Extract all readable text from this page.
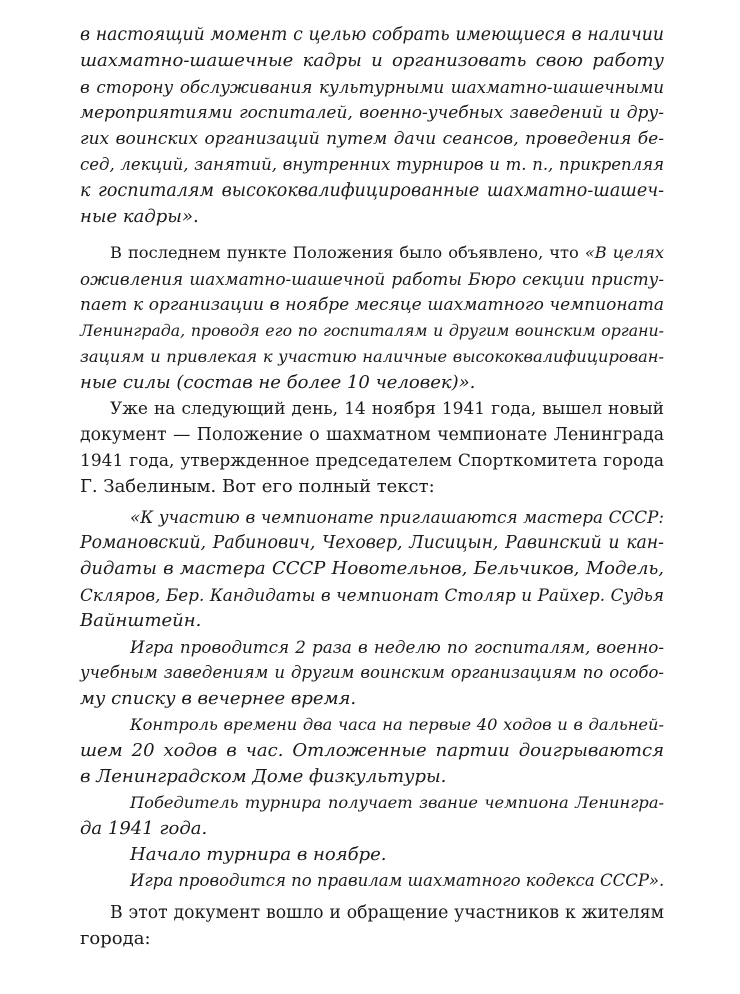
в настоящий момент с целью собрать имеющиеся в наличии
шахматно-шашечные кадры и организовать свою работу
в сторону обслуживания культурными шахматно-шашечными
мероприятиями госпиталей, военно-учебных заведений и дру-
гих воинских организаций путем дачи сеансов, проведения бе-
сед, лекций, занятий, внутренних турниров и т. п., прикрепляя
к госпиталям высококвалифицированные шахматно-шашеч-
ные кадры».
В последнем пункте Положения было объявлено, что «В целях
оживления шахматно-шашечной работы Бюро секции присту-
пает к организации в ноябре месяце шахматного чемпионата
Ленинграда, проводя его по госпиталям и другим воинским органи-
зациям и привлекая к участию наличные высококвалифицирован-
ные силы (состав не более 10 человек)».
Уже на следующий день, 14 ноября 1941 года, вышел новый
документ — Положение о шахматном чемпионате Ленинграда
1941 года, утвержденное председателем Спорткомитета города
Г. Забелиным. Вот его полный текст:
«К участию в чемпионате приглашаются мастера СССР:
Романовский, Рабинович, Чеховер, Лисицын, Равинский и кан-
дидаты в мастера СССР Новотельнов, Бельчиков, Модель,
Скляров, Бер. Кандидаты в чемпионат Столяр и Райхер. Судья
Вайнштейн.
Игра проводится 2 раза в неделю по госпиталям, военно-
учебным заведениям и другим воинским организациям по особо-
му списку в вечернее время.
Контроль времени два часа на первые 40 ходов и в дальней-
шем 20 ходов в час. Отложенные партии доигрываются
в Ленинградском Доме физкультуры.
Победитель турнира получает звание чемпиона Ленингра-
да 1941 года.
Начало турнира в ноябре.
Игра проводится по правилам шахматного кодекса СССР».
В этот документ вошло и обращение участников к жителям
города:
